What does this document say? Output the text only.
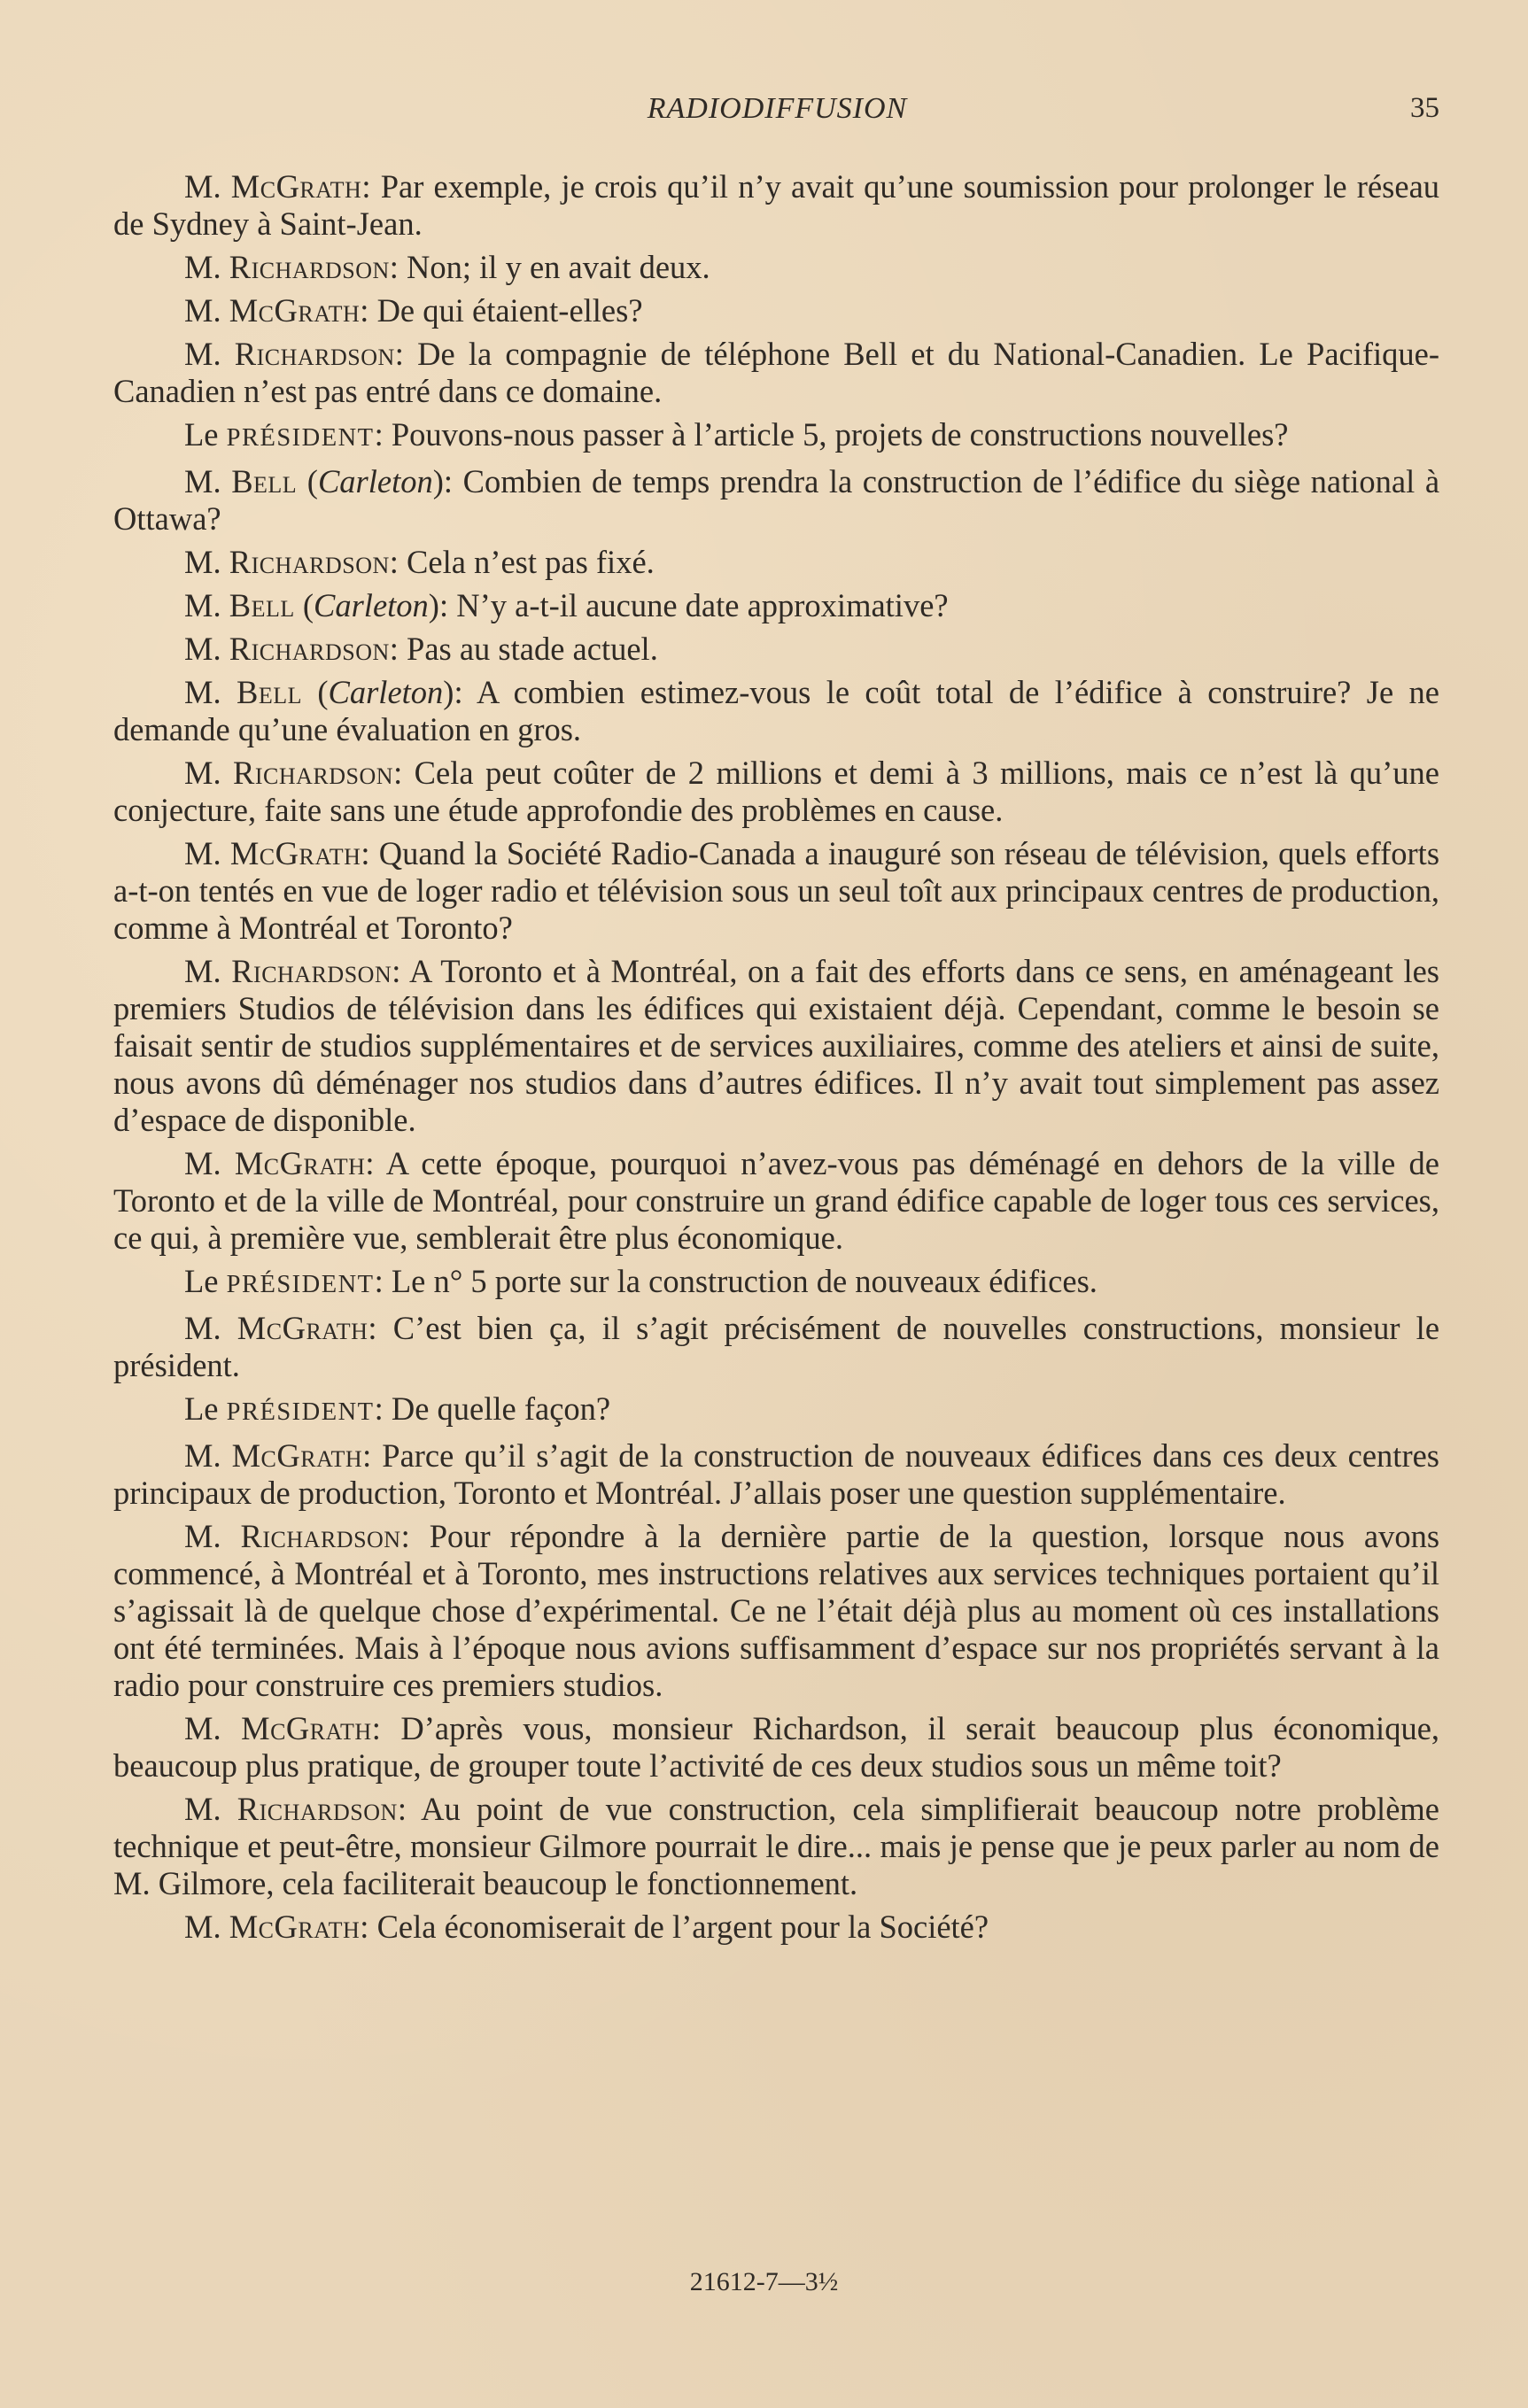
RADIODIFFUSION	35

M. McGrath: Par exemple, je crois qu’il n’y avait qu’une soumission pour prolonger le réseau de Sydney à Saint-Jean.

M. Richardson: Non; il y en avait deux.

M. McGrath: De qui étaient-elles?

M. Richardson: De la compagnie de téléphone Bell et du National-Canadien. Le Pacifique-Canadien n’est pas entré dans ce domaine.

Le PRÉSIDENT: Pouvons-nous passer à l’article 5, projets de constructions nouvelles?

M. Bell (Carleton): Combien de temps prendra la construction de l’édifice du siège national à Ottawa?

M. Richardson: Cela n’est pas fixé.

M. Bell (Carleton): N’y a-t-il aucune date approximative?

M. Richardson: Pas au stade actuel.

M. Bell (Carleton): A combien estimez-vous le coût total de l’édifice à construire? Je ne demande qu’une évaluation en gros.

M. Richardson: Cela peut coûter de 2 millions et demi à 3 millions, mais ce n’est là qu’une conjecture, faite sans une étude approfondie des problèmes en cause.

M. McGrath: Quand la Société Radio-Canada a inauguré son réseau de télévision, quels efforts a-t-on tentés en vue de loger radio et télévision sous un seul toît aux principaux centres de production, comme à Montréal et Toronto?

M. Richardson: A Toronto et à Montréal, on a fait des efforts dans ce sens, en aménageant les premiers Studios de télévision dans les édifices qui existaient déjà. Cependant, comme le besoin se faisait sentir de studios supplémentaires et de services auxiliaires, comme des ateliers et ainsi de suite, nous avons dû déménager nos studios dans d’autres édifices. Il n’y avait tout simplement pas assez d’espace de disponible.

M. McGrath: A cette époque, pourquoi n’avez-vous pas déménagé en dehors de la ville de Toronto et de la ville de Montréal, pour construire un grand édifice capable de loger tous ces services, ce qui, à première vue, semblerait être plus économique.

Le PRÉSIDENT: Le n° 5 porte sur la construction de nouveaux édifices.

M. McGrath: C’est bien ça, il s’agit précisément de nouvelles constructions, monsieur le président.

Le PRÉSIDENT: De quelle façon?

M. McGrath: Parce qu’il s’agit de la construction de nouveaux édifices dans ces deux centres principaux de production, Toronto et Montréal. J’allais poser une question supplémentaire.

M. Richardson: Pour répondre à la dernière partie de la question, lorsque nous avons commencé, à Montréal et à Toronto, mes instructions relatives aux services techniques portaient qu’il s’agissait là de quelque chose d’expérimental. Ce ne l’était déjà plus au moment où ces installations ont été terminées. Mais à l’époque nous avions suffisamment d’espace sur nos propriétés servant à la radio pour construire ces premiers studios.

M. McGrath: D’après vous, monsieur Richardson, il serait beaucoup plus économique, beaucoup plus pratique, de grouper toute l’activité de ces deux studios sous un même toit?

M. Richardson: Au point de vue construction, cela simplifierait beaucoup notre problème technique et peut-être, monsieur Gilmore pourrait le dire... mais je pense que je peux parler au nom de M. Gilmore, cela faciliterait beaucoup le fonctionnement.

M. McGrath: Cela économiserait de l’argent pour la Société?

21612-7—3½
